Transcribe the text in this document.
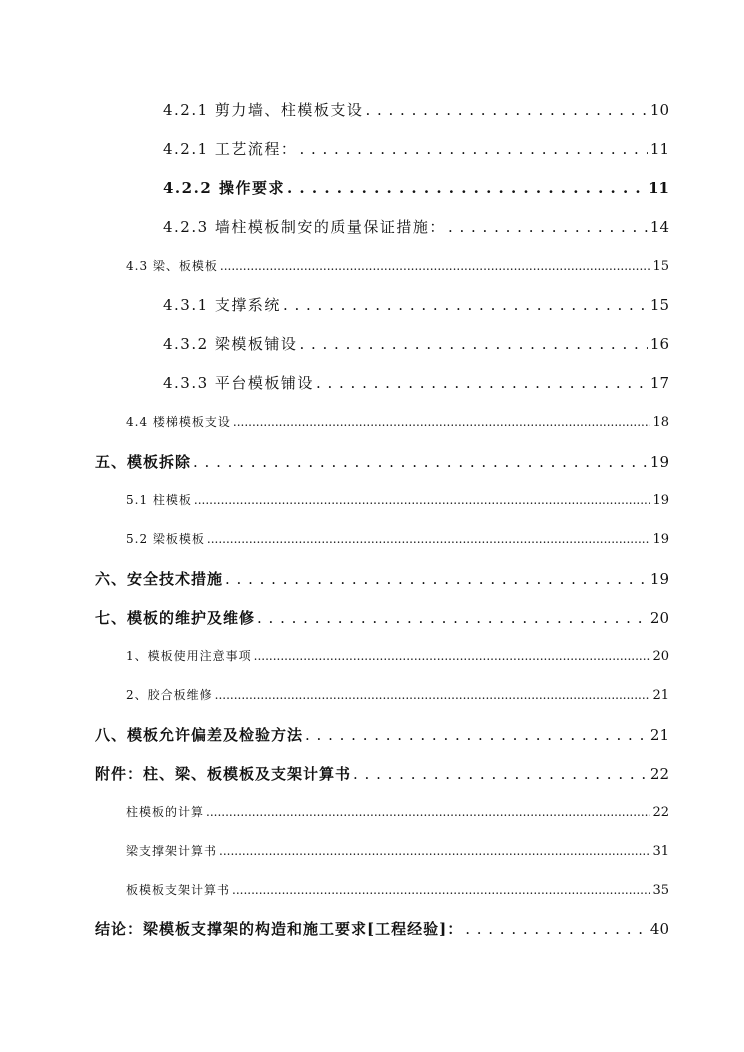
4.2.1 剪力墙、柱模板支设 . . .	10
4.2.1 工艺流程： . . .	11
4.2.2 操作要求 . . .	11
4.2.3 墙柱模板制安的质量保证措施： . . .	14
4.3 梁、板模板 .....	15
4.3.1 支撑系统 . . .	15
4.3.2 梁模板铺设 . . .	16
4.3.3 平台模板铺设 . . .	17
4.4 楼梯模板支设 .....	18
五、模板拆除 . . .	19
5.1 柱模板 .....	19
5.2 梁板模板 .....	19
六、安全技术措施 . . .	19
七、模板的维护及维修 . . .	20
1、模板使用注意事项 .....	20
2、胶合板维修 .....	21
八、模板允许偏差及检验方法 . . .	21
附件：柱、梁、板模板及支架计算书 . . .	22
柱模板的计算 .....	22
梁支撑架计算书 .....	31
板模板支架计算书 .....	35
结论：梁模板支撑架的构造和施工要求[工程经验]： . . .	40
